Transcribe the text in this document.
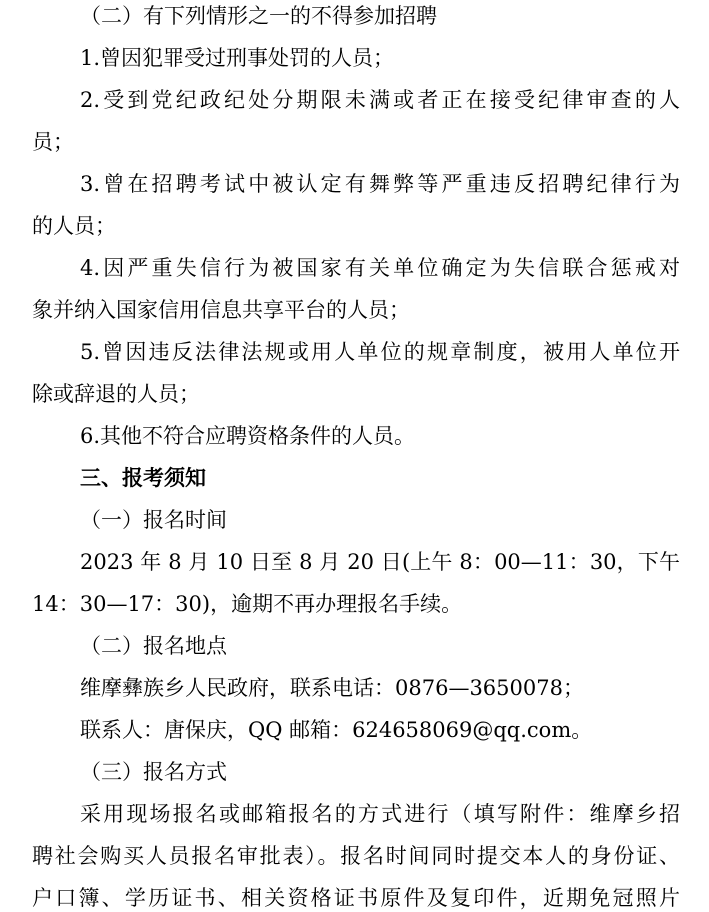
（二）有下列情形之一的不得参加招聘
1.曾因犯罪受过刑事处罚的人员；
2.受到党纪政纪处分期限未满或者正在接受纪律审查的人
员；
3.曾在招聘考试中被认定有舞弊等严重违反招聘纪律行为
的人员；
4.因严重失信行为被国家有关单位确定为失信联合惩戒对
象并纳入国家信用信息共享平台的人员；
5.曾因违反法律法规或用人单位的规章制度，被用人单位开
除或辞退的人员；
6.其他不符合应聘资格条件的人员。
三、报考须知
（一）报名时间
2023 年 8 月 10 日至 8 月 20 日(上午 8：00—11：30，下午
14：30—17：30)，逾期不再办理报名手续。
（二）报名地点
维摩彝族乡人民政府，联系电话：0876—3650078；
联系人：唐保庆，QQ 邮箱：624658069@qq.com。
（三）报名方式
采用现场报名或邮箱报名的方式进行（填写附件：维摩乡招
聘社会购买人员报名审批表）。报名时间同时提交本人的身份证、
户口簿、学历证书、相关资格证书原件及复印件，近期免冠照片
